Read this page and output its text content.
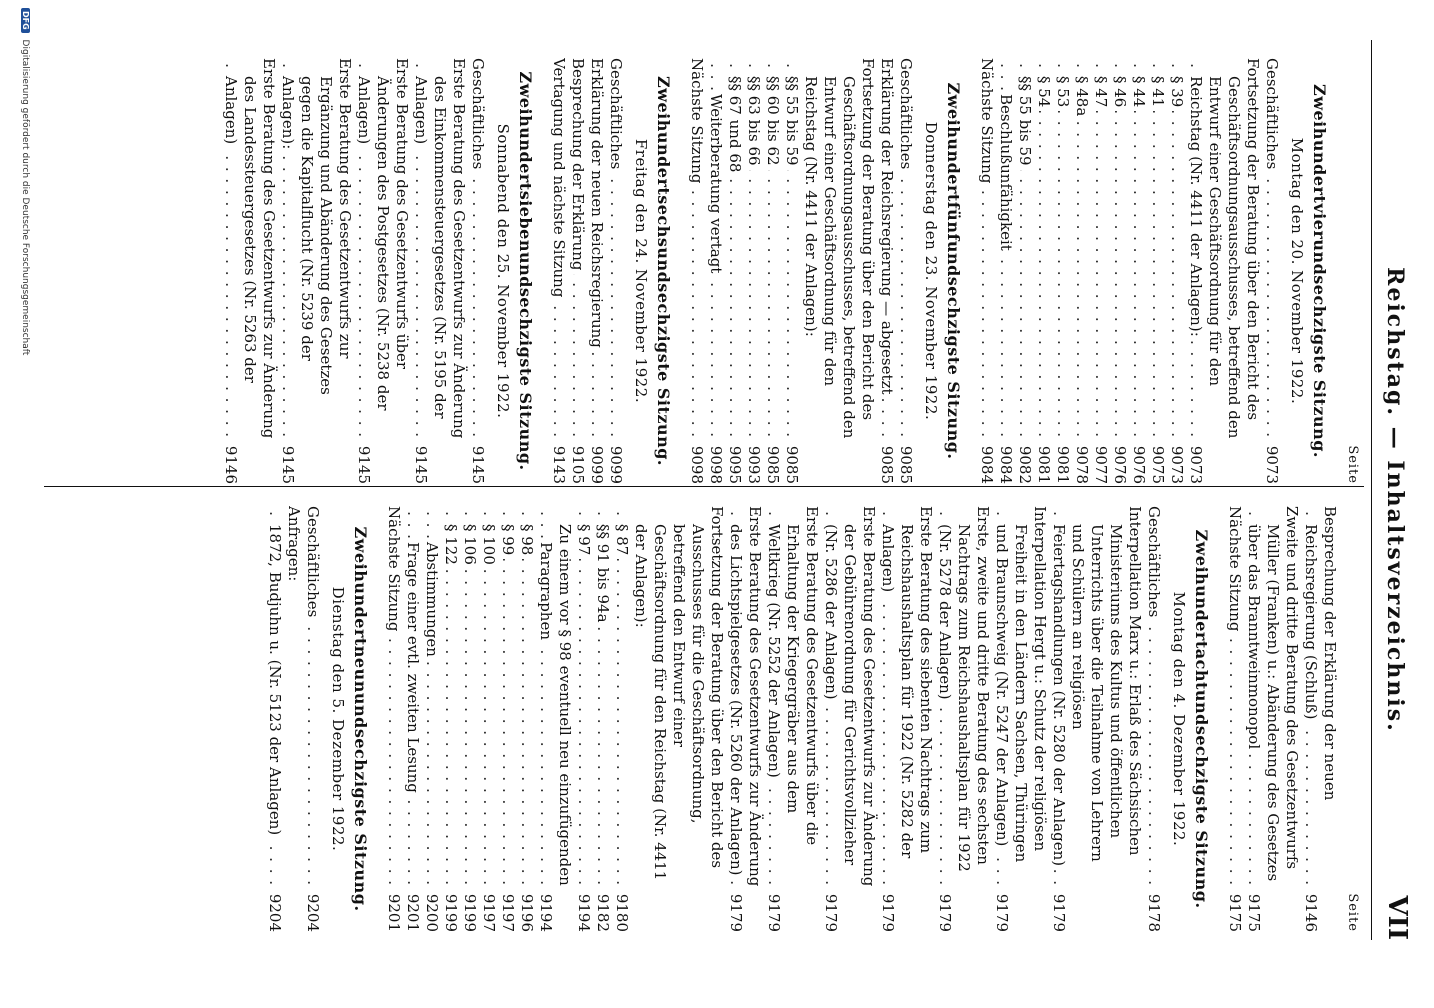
Reichstag. — Inhaltsverzeichnis.
VII
Seite
Zweihundertvierundsechzigste Sitzung.
Montag den 20. November 1922.
Geschäftliches . . .
9073
Fortsetzung der Beratung über den Bericht des Geschäftsordnungsausschusses, betreffend den Entwurf einer Geschäftsordnung für den Reichstag (Nr. 4411 der Anlagen): . . .
9073
§ 39 . . .
9073
§ 41 . . .
9075
§ 44 . . .
9076
§ 46 . . .
9076
§ 47 . . .
9077
§ 48a . . .
9078
§ 53 . . .
9081
§ 54 . . .
9081
§§ 55 bis 59 . . .
9082
Beschlußunfähigkeit . . .
9084
Nächste Sitzung . . .
9084
Zweihundertfünfundsechzigste Sitzung.
Donnerstag den 23. November 1922.
Geschäftliches . . .
9085
Erklärung der Reichsregierung — abgesetzt . . .
9085
Fortsetzung der Beratung über den Bericht des Geschäftsordnungsausschusses, betreffend den Entwurf einer Geschäftsordnung für den Reichstag (Nr. 4411 der Anlagen):
§§ 55 bis 59 . . .
9085
§§ 60 bis 62 . . .
9085
§§ 63 bis 66 . . .
9093
§§ 67 und 68 . . .
9095
Weiterberatung vertagt . . .
9098
Nächste Sitzung . . .
9098
Zweihundertsechsundsechzigste Sitzung.
Freitag den 24. November 1922.
Geschäftliches . . .
9099
Erklärung der neuen Reichsregierung . . .
9099
Besprechung der Erklärung . . .
9105
Vertagung und nächste Sitzung . . .
9143
Zweihundertsiebenundsechzigste Sitzung.
Sonnabend den 25. November 1922.
Geschäftliches . . .
9145
Erste Beratung des Gesetzentwurfs zur Änderung des Einkommensteuergesetzes (Nr. 5195 der Anlagen) . . .
9145
Erste Beratung des Gesetzentwurfs über Änderungen des Postgesetzes (Nr. 5238 der Anlagen) . . .
9145
Erste Beratung des Gesetzentwurfs zur Ergänzung und Abänderung des Gesetzes gegen die Kapitalflucht (Nr. 5239 der Anlagen): . . .
9145
Erste Beratung des Gesetzentwurfs zur Änderung des Landessteuergesetzes (Nr. 5263 der Anlagen) . . .
9146
Seite
Besprechung der Erklärung der neuen Reichsregierung (Schluß) . . .
9146
Zweite und dritte Beratung des Gesetzentwurfs Müller (Franken) u.: Abänderung des Gesetzes über das Branntweinmonopol . . .
9175
Nächste Sitzung . . .
9175
Zweihundertachtundsechzigste Sitzung.
Montag den 4. Dezember 1922.
Geschäftliches . . .
9178
Interpellation Marx u.: Erlaß des Sächsischen Ministeriums des Kultus und öffentlichen Unterrichts über die Teilnahme von Lehrern und Schülern an religiösen Feiertagshandlungen (Nr. 5280 der Anlagen) . . .
9179
Interpellation Hergt u.: Schutz der religiösen Freiheit in den Ländern Sachsen, Thüringen und Braunschweig (Nr. 5247 der Anlagen) . . .
9179
Erste, zweite und dritte Beratung des sechsten Nachtrags zum Reichshaushaltsplan für 1922 (Nr. 5278 der Anlagen) . . .
9179
Erste Beratung des siebenten Nachtrags zum Reichshaushaltsplan für 1922 (Nr. 5282 der Anlagen) . . .
9179
Erste Beratung des Gesetzentwurfs zur Änderung der Gebührenordnung für Gerichtsvollzieher (Nr. 5286 der Anlagen) . . .
9179
Erste Beratung des Gesetzentwurfs über die Erhaltung der Kriegergräber aus dem Weltkrieg (Nr. 5252 der Anlagen) . . .
9179
Erste Beratung des Gesetzentwurfs zur Änderung des Lichtspielgesetzes (Nr. 5260 der Anlagen) . . .
9179
Fortsetzung der Beratung über den Bericht des Ausschusses für die Geschäftsordnung, betreffend den Entwurf einer Geschäftsordnung für den Reichstag (Nr. 4411 der Anlagen):
§ 87 . . .
9180
§§ 91 bis 94a . . .
9182
§ 97 . . .
9194
Zu einem vor § 98 eventuell neu einzufügenden Paragraphen . . .
9194
§ 98 . . .
9196
§ 99 . . .
9197
§ 100 . . .
9197
§ 106 . . .
9199
§ 122 . . .
9199
Abstimmungen . . .
9200
Frage einer evtl. zweiten Lesung . . .
9201
Nächste Sitzung . . .
9201
Zweihundertneunundsechzigste Sitzung.
Dienstag den 5. Dezember 1922.
Geschäftliches . . .
9204
Anfragen:
1872, Budjuhn u. (Nr. 5123 der Anlagen) . . .
9204
DFG Digitalisierung gefördert durch die Deutsche Forschungsgemeinschaft
